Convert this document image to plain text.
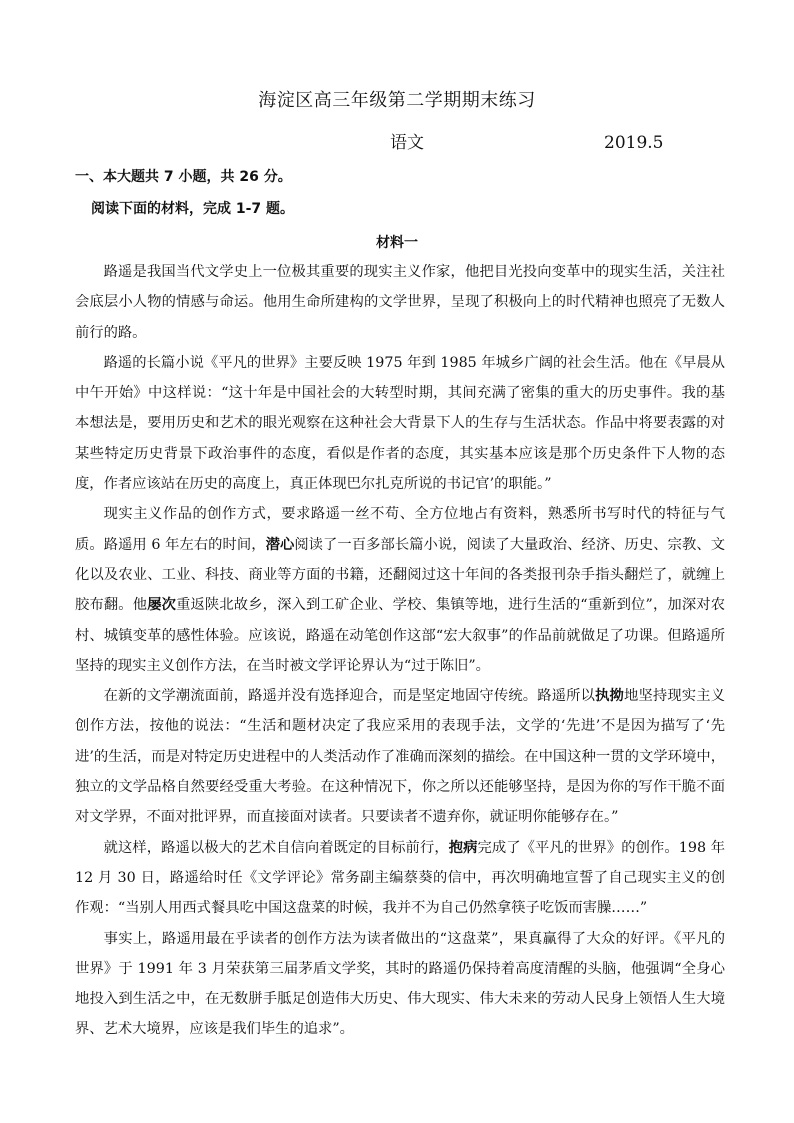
海淀区高三年级第二学期期末练习
语文	2019.5
一、本大题共 7 小题，共 26 分。
阅读下面的材料，完成 1-7 题。
材料一

路遥是我国当代文学史上一位极其重要的现实主义作家，他把目光投向变革中的现实生活，关注社会底层小人物的情感与命运。他用生命所建构的文学世界，呈现了积极向上的时代精神也照亮了无数人前行的路。

路遥的长篇小说《平凡的世界》主要反映 1975 年到 1985 年城乡广阔的社会生活。他在《早晨从中午开始》中这样说：“这十年是中国社会的大转型时期，其间充满了密集的重大的历史事件。我的基本想法是，要用历史和艺术的眼光观察在这种社会大背景下人的生存与生活状态。作品中将要表露的对某些特定历史背景下政治事件的态度，看似是作者的态度，其实基本应该是那个历史条件下人物的态度，作者应该站在历史的高度上，真正体现巴尔扎克所说的书记官’的职能。”

现实主义作品的创作方式，要求路遥一丝不苟、全方位地占有资料，熟悉所书写时代的特征与气质。路遥用 6 年左右的时间，潜心阅读了一百多部长篇小说，阅读了大量政治、经济、历史、宗教、文化以及农业、工业、科技、商业等方面的书籍，还翻阅过这十年间的各类报刊杂手指头翻烂了，就缠上胶布翻。他屡次重返陕北故乡，深入到工矿企业、学校、集镇等地，进行生活的“重新到位”，加深对农村、城镇变革的感性体验。应该说，路遥在动笔创作这部“宏大叙事”的作品前就做足了功课。但路遥所坚持的现实主义创作方法，在当时被文学评论界认为“过于陈旧”。

在新的文学潮流面前，路遥并没有选择迎合，而是坚定地固守传统。路遥所以执拗地坚持现实主义创作方法，按他的说法：“生活和题材决定了我应采用的表现手法，文学的‘先进’不是因为描写了‘先进’的生活，而是对特定历史进程中的人类活动作了准确而深刻的描绘。在中国这种一贯的文学环境中，独立的文学品格自然要经受重大考验。在这种情况下，你之所以还能够坚持，是因为你的写作干脆不面对文学界，不面对批评界，而直接面对读者。只要读者不遗弃你，就证明你能够存在。”

就这样，路遥以极大的艺术自信向着既定的目标前行，抱病完成了《平凡的世界》的创作。198 年 12 月 30 日，路遥给时任《文学评论》常务副主编蔡葵的信中，再次明确地宣誓了自己现实主义的创作观：“当别人用西式餐具吃中国这盘菜的时候，我并不为自己仍然拿筷子吃饭而害臊……”

事实上，路遥用最在乎读者的创作方法为读者做出的“这盘菜”，果真赢得了大众的好评。《平凡的世界》于 1991 年 3 月荣获第三届茅盾文学奖，其时的路遥仍保持着高度清醒的头脑，他强调“全身心地投入到生活之中，在无数胼手胝足创造伟大历史、伟大现实、伟大未来的劳动人民身上领悟人生大境界、艺术大境界，应该是我们毕生的追求”。
